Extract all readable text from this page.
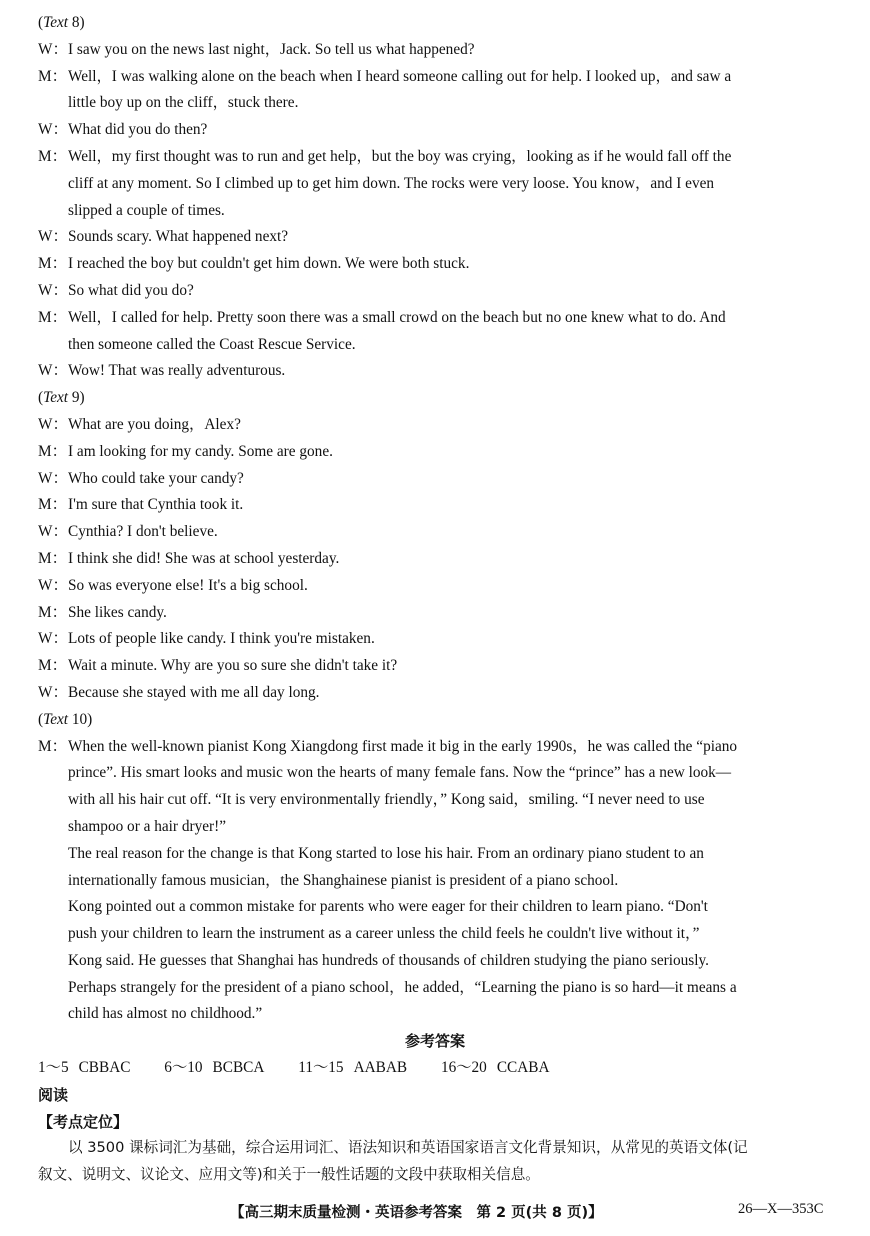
(Text 8)
W： I saw you on the news last night，Jack. So tell us what happened?
M： Well，I was walking alone on the beach when I heard someone calling out for help. I looked up，and saw a
little boy up on the cliff，stuck there.
W： What did you do then?
M： Well，my first thought was to run and get help，but the boy was crying，looking as if he would fall off the
cliff at any moment. So I climbed up to get him down. The rocks were very loose. You know，and I even
slipped a couple of times.
W： Sounds scary. What happened next?
M： I reached the boy but couldn't get him down. We were both stuck.
W： So what did you do?
M： Well，I called for help. Pretty soon there was a small crowd on the beach but no one knew what to do. And
then someone called the Coast Rescue Service.
W： Wow! That was really adventurous.
(Text 9)
W： What are you doing，Alex?
M： I am looking for my candy. Some are gone.
W： Who could take your candy?
M： I'm sure that Cynthia took it.
W： Cynthia? I don't believe.
M： I think she did! She was at school yesterday.
W： So was everyone else! It's a big school.
M： She likes candy.
W： Lots of people like candy. I think you're mistaken.
M： Wait a minute. Why are you so sure she didn't take it?
W： Because she stayed with me all day long.
(Text 10)
M： When the well-known pianist Kong Xiangdong first made it big in the early 1990s，he was called the “piano
prince”. His smart looks and music won the hearts of many female fans. Now the “prince” has a new look—
with all his hair cut off. “It is very environmentally friendly，” Kong said，smiling. “I never need to use
shampoo or a hair dryer!”
The real reason for the change is that Kong started to lose his hair. From an ordinary piano student to an
internationally famous musician，the Shanghainese pianist is president of a piano school.
Kong pointed out a common mistake for parents who were eager for their children to learn piano. “Don't
push your children to learn the instrument as a career unless the child feels he couldn't live without it，”
Kong said. He guesses that Shanghai has hundreds of thousands of children studying the piano seriously.
Perhaps strangely for the president of a piano school，he added，“Learning the piano is so hard—it means a
child has almost no childhood.”
参考答案
1～5 CBBAC 6～10 BCBCA 11～15 AABAB 16～20 CCABA
阅读
【考点定位】
以 3500 课标词汇为基础，综合运用词汇、语法知识和英语国家语言文化背景知识，从常见的英语文体(记
叙文、说明文、议论文、应用文等)和关于一般性话题的文段中获取相关信息。
【高三期末质量检测・英语参考答案　第 2 页(共 8 页)】	26—X—353C
